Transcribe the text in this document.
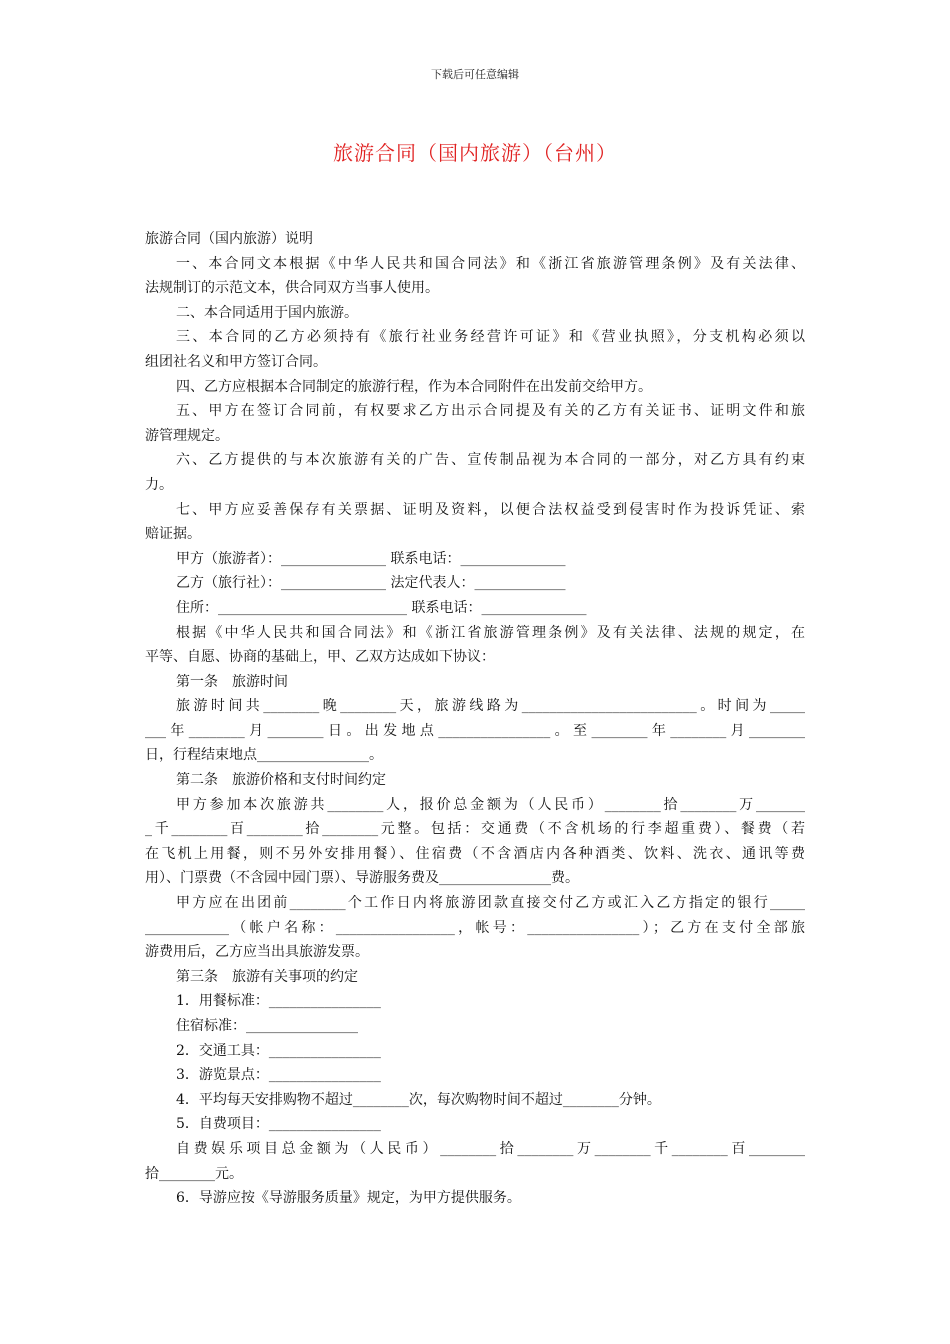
下载后可任意编辑
旅游合同（国内旅游）（台州）
旅游合同（国内旅游）说明
一、本合同文本根据《中华人民共和国合同法》和《浙江省旅游管理条例》及有关法律、
法规制订的示范文本，供合同双方当事人使用。
二、本合同适用于国内旅游。
三、本合同的乙方必须持有《旅行社业务经营许可证》和《营业执照》，分支机构必须以
组团社名义和甲方签订合同。
四、乙方应根据本合同制定的旅游行程，作为本合同附件在出发前交给甲方。
五、甲方在签订合同前，有权要求乙方出示合同提及有关的乙方有关证书、证明文件和旅
游管理规定。
六、乙方提供的与本次旅游有关的广告、宣传制品视为本合同的一部分，对乙方具有约束
力。
七、甲方应妥善保存有关票据、证明及资料，以便合法权益受到侵害时作为投诉凭证、索
赔证据。
甲方（旅游者）：_______________ 联系电话：_______________
乙方（旅行社）：_______________ 法定代表人：_____________
住所：___________________________ 联系电话：_______________
根据《中华人民共和国合同法》和《浙江省旅游管理条例》及有关法律、法规的规定，在
平等、自愿、协商的基础上，甲、乙双方达成如下协议：
第一条　旅游时间
旅游时间共________晚________天，旅游线路为_________________________。时间为_____
___年________月________日。出发地点________________。至________年________月________
日，行程结束地点________________。
第二条　旅游价格和支付时间约定
甲方参加本次旅游共________人，报价总金额为（人民币）________拾________万_______
_千________百________拾________元整。包括：交通费（不含机场的行李超重费）、餐费（若
在飞机上用餐，则不另外安排用餐）、住宿费（不含酒店内各种酒类、饮料、洗衣、通讯等费
用）、门票费（不含园中园门票）、导游服务费及________________费。
甲方应在出团前________个工作日内将旅游团款直接交付乙方或汇入乙方指定的银行_____
____________（帐户名称：_________________，帐号：________________）；乙方在支付全部旅
游费用后，乙方应当出具旅游发票。
第三条　旅游有关事项的约定
1．用餐标准：________________
住宿标准：________________
2．交通工具：________________
3．游览景点：________________
4．平均每天安排购物不超过________次，每次购物时间不超过________分钟。
5．自费项目：________________
自费娱乐项目总金额为（人民币）________拾________万________千________百________
拾________元。
6．导游应按《导游服务质量》规定，为甲方提供服务。
